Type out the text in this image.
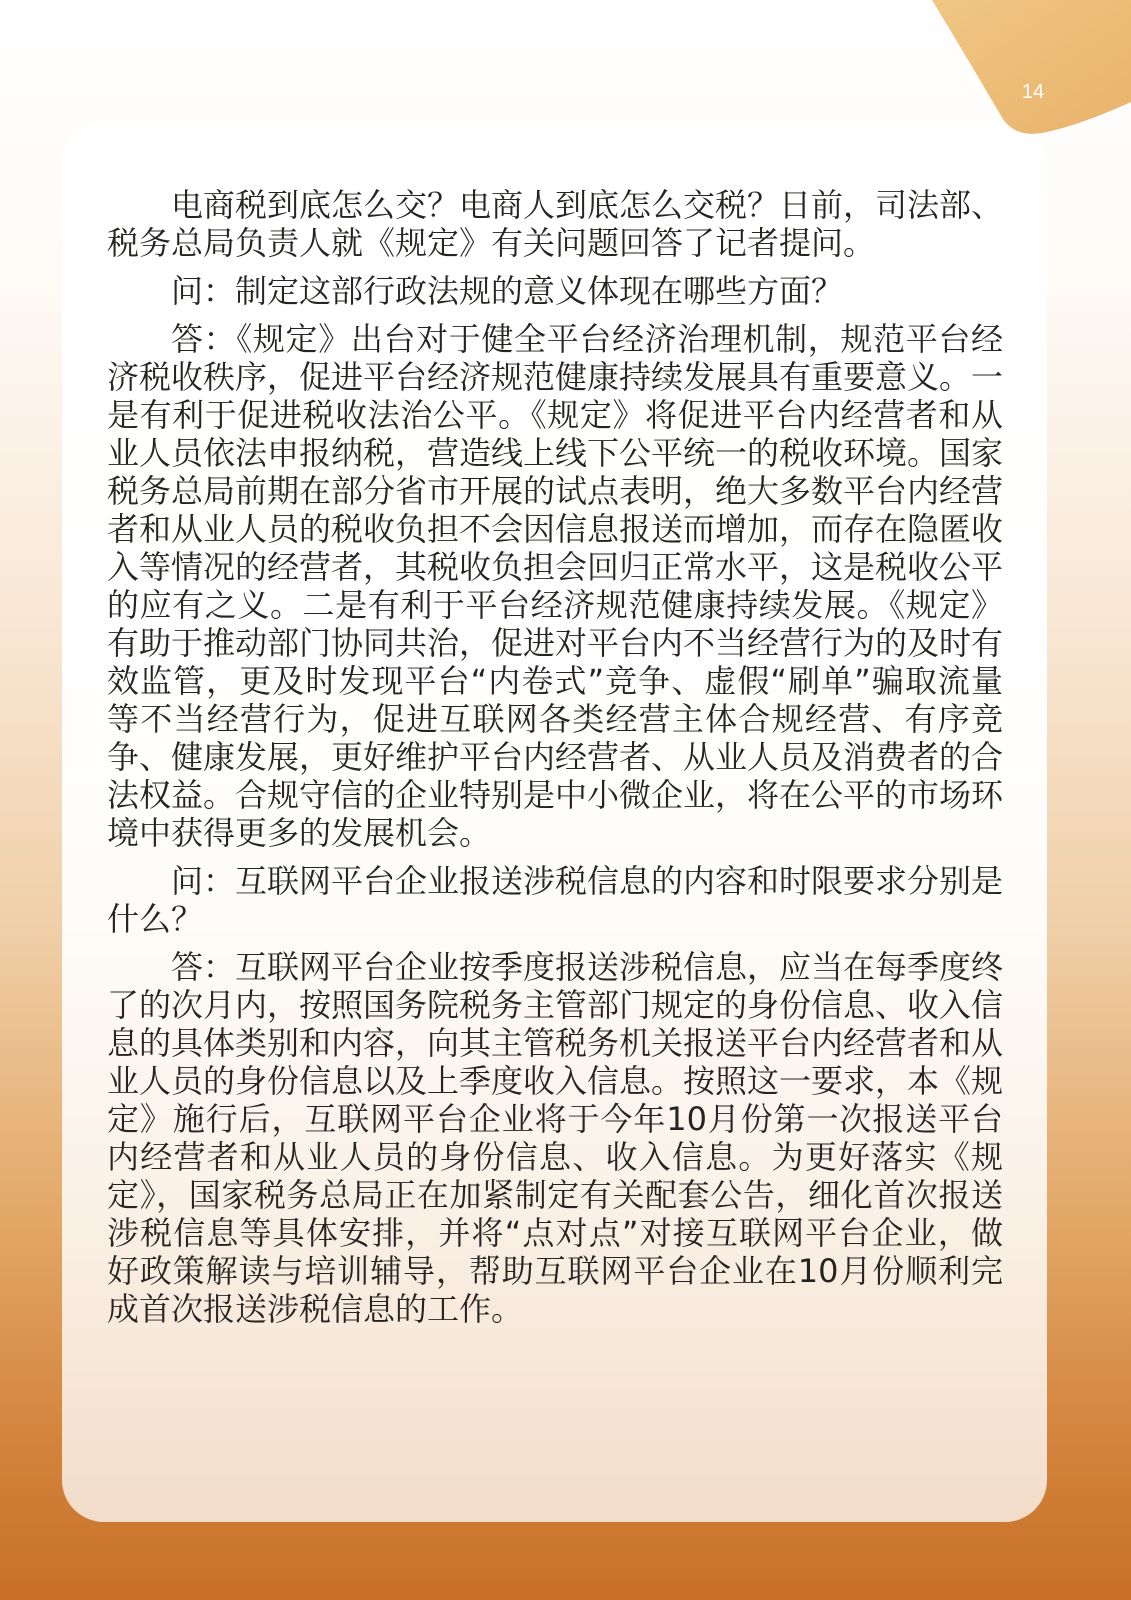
14

电商税到底怎么交？电商人到底怎么交税？日前，司法部、税务总局负责人就《规定》有关问题回答了记者提问。

问：制定这部行政法规的意义体现在哪些方面？

答：《规定》出台对于健全平台经济治理机制，规范平台经济税收秩序，促进平台经济规范健康持续发展具有重要意义。一是有利于促进税收法治公平。《规定》将促进平台内经营者和从业人员依法申报纳税，营造线上线下公平统一的税收环境。国家税务总局前期在部分省市开展的试点表明，绝大多数平台内经营者和从业人员的税收负担不会因信息报送而增加，而存在隐匿收入等情况的经营者，其税收负担会回归正常水平，这是税收公平的应有之义。二是有利于平台经济规范健康持续发展。《规定》有助于推动部门协同共治，促进对平台内不当经营行为的及时有效监管，更及时发现平台“内卷式”竞争、虚假“刷单”骗取流量等不当经营行为，促进互联网各类经营主体合规经营、有序竞争、健康发展，更好维护平台内经营者、从业人员及消费者的合法权益。合规守信的企业特别是中小微企业，将在公平的市场环境中获得更多的发展机会。

问：互联网平台企业报送涉税信息的内容和时限要求分别是什么？

答：互联网平台企业按季度报送涉税信息，应当在每季度终了的次月内，按照国务院税务主管部门规定的身份信息、收入信息的具体类别和内容，向其主管税务机关报送平台内经营者和从业人员的身份信息以及上季度收入信息。按照这一要求，本《规定》施行后，互联网平台企业将于今年10月份第一次报送平台内经营者和从业人员的身份信息、收入信息。为更好落实《规定》，国家税务总局正在加紧制定有关配套公告，细化首次报送涉税信息等具体安排，并将“点对点”对接互联网平台企业，做好政策解读与培训辅导，帮助互联网平台企业在10月份顺利完成首次报送涉税信息的工作。
